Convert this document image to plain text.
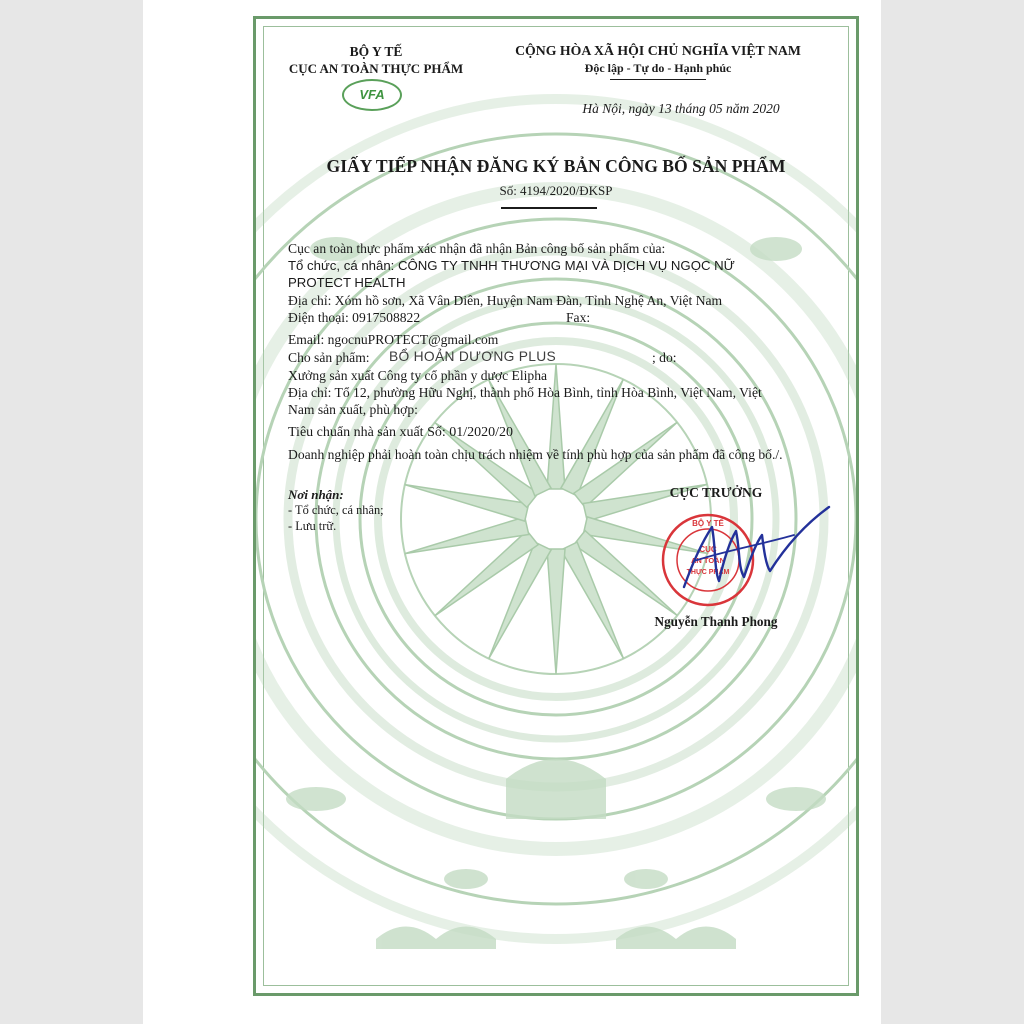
BỘ Y TẾ
CỤC AN TOÀN THỰC PHẨM
VFA
CỘNG HÒA XÃ HỘI CHỦ NGHĨA VIỆT NAM
Độc lập - Tự do - Hạnh phúc
Hà Nội, ngày 13 tháng 05 năm 2020
GIẤY TIẾP NHẬN ĐĂNG KÝ BẢN CÔNG BỐ SẢN PHẨM
Số: 4194/2020/ĐKSP
Cục an toàn thực phẩm xác nhận đã nhận Bản công bố sản phẩm của:
Tổ chức, cá nhân: CÔNG TY TNHH THƯƠNG MẠI VÀ DỊCH VỤ NGỌC NỮ
PROTECT HEALTH
Địa chỉ: Xóm hồ sơn, Xã Vân Diên, Huyện Nam Đàn, Tỉnh Nghệ An, Việt Nam
Điện thoại: 0917508822	Fax:
Email: ngocnuPROTECT@gmail.com
Cho sản phẩm: BỔ HOẢN DƯƠNG PLUS	; do:
Xưởng sản xuất Công ty cổ phần y dược Elipha
Địa chỉ: Tổ 12, phường Hữu Nghị, thành phố Hòa Bình, tỉnh Hòa Bình, Việt Nam, Việt
Nam sản xuất, phù hợp:
Tiêu chuẩn nhà sản xuất Số: 01/2020/20
Doanh nghiệp phải hoàn toàn chịu trách nhiệm về tính phù hợp của sản phẩm đã công bố./.
Nơi nhận:
- Tổ chức, cá nhân;
- Lưu trữ.
CỤC TRƯỞNG
BỘ Y TẾ
CỤC
AN TOÀN
THỰC PHẨM
Nguyễn Thanh Phong
